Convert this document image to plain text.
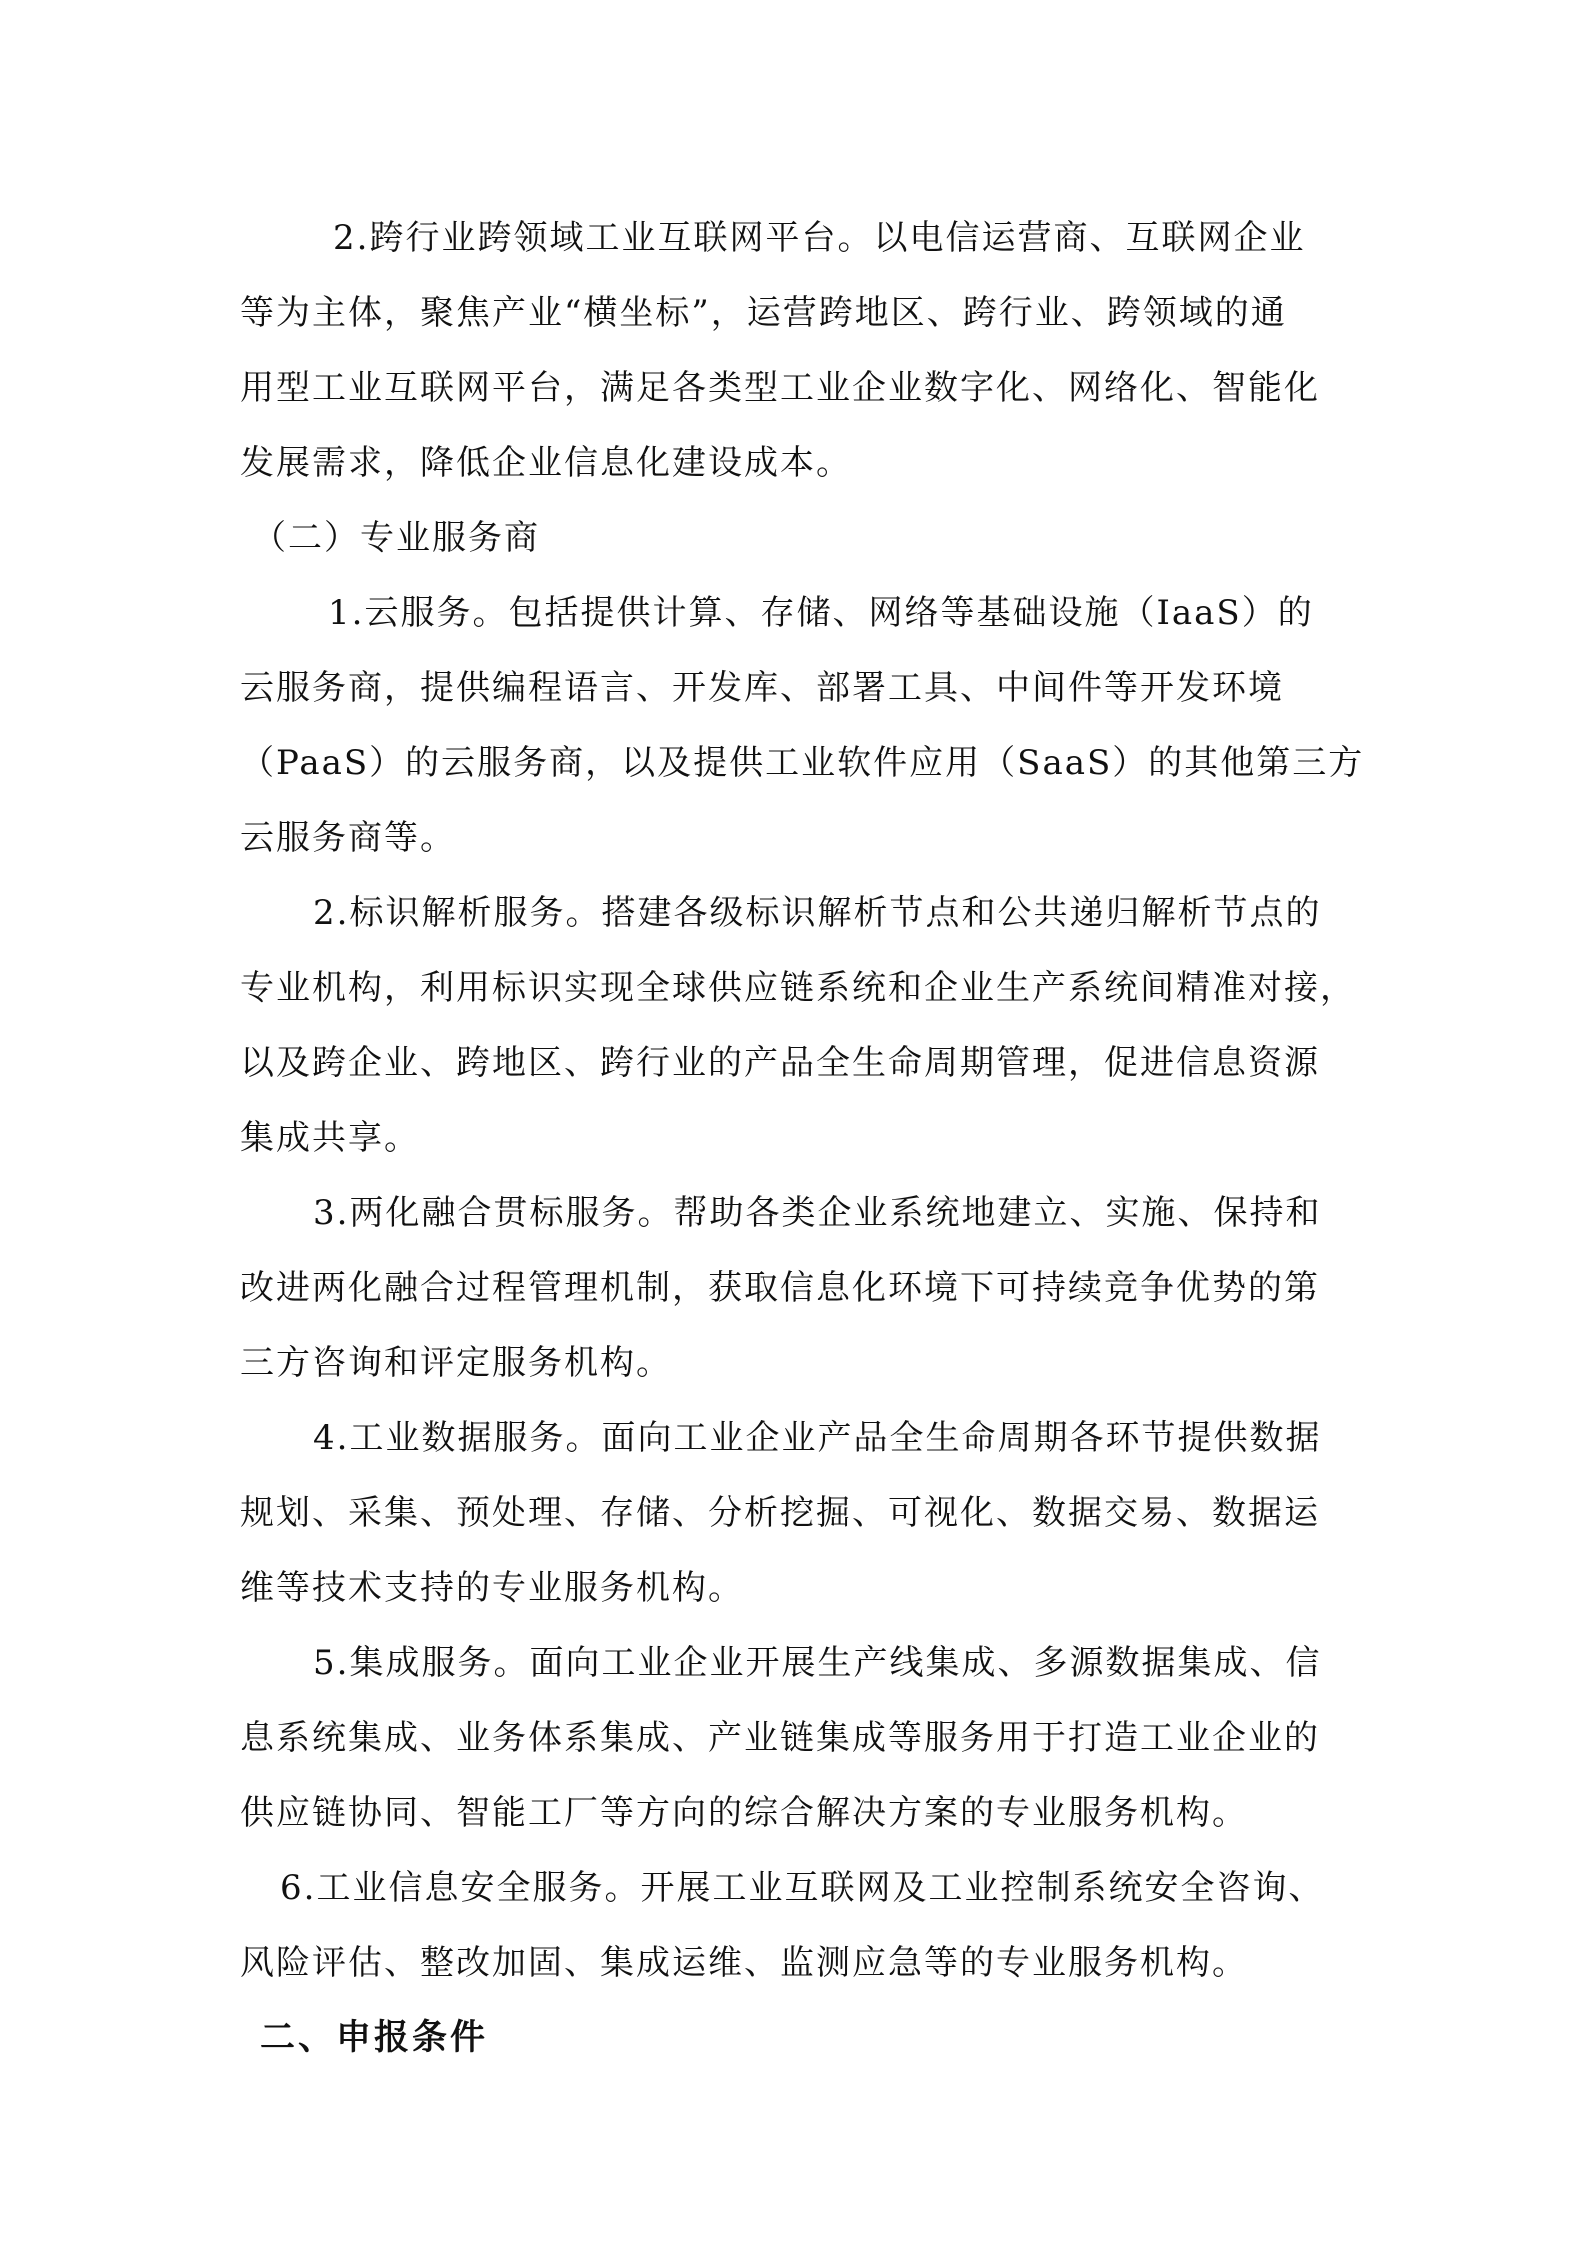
2.跨行业跨领域工业互联网平台。以电信运营商、互联网企业
等为主体，聚焦产业“横坐标”，运营跨地区、跨行业、跨领域的通
用型工业互联网平台，满足各类型工业企业数字化、网络化、智能化
发展需求，降低企业信息化建设成本。
（二）专业服务商
1.云服务。包括提供计算、存储、网络等基础设施（IaaS）的
云服务商，提供编程语言、开发库、部署工具、中间件等开发环境
（PaaS）的云服务商，以及提供工业软件应用（SaaS）的其他第三方
云服务商等。
2.标识解析服务。搭建各级标识解析节点和公共递归解析节点的
专业机构，利用标识实现全球供应链系统和企业生产系统间精准对接，
以及跨企业、跨地区、跨行业的产品全生命周期管理，促进信息资源
集成共享。
3.两化融合贯标服务。帮助各类企业系统地建立、实施、保持和
改进两化融合过程管理机制，获取信息化环境下可持续竞争优势的第
三方咨询和评定服务机构。
4.工业数据服务。面向工业企业产品全生命周期各环节提供数据
规划、采集、预处理、存储、分析挖掘、可视化、数据交易、数据运
维等技术支持的专业服务机构。
5.集成服务。面向工业企业开展生产线集成、多源数据集成、信
息系统集成、业务体系集成、产业链集成等服务用于打造工业企业的
供应链协同、智能工厂等方向的综合解决方案的专业服务机构。
6.工业信息安全服务。开展工业互联网及工业控制系统安全咨询、
风险评估、整改加固、集成运维、监测应急等的专业服务机构。
二、申报条件
